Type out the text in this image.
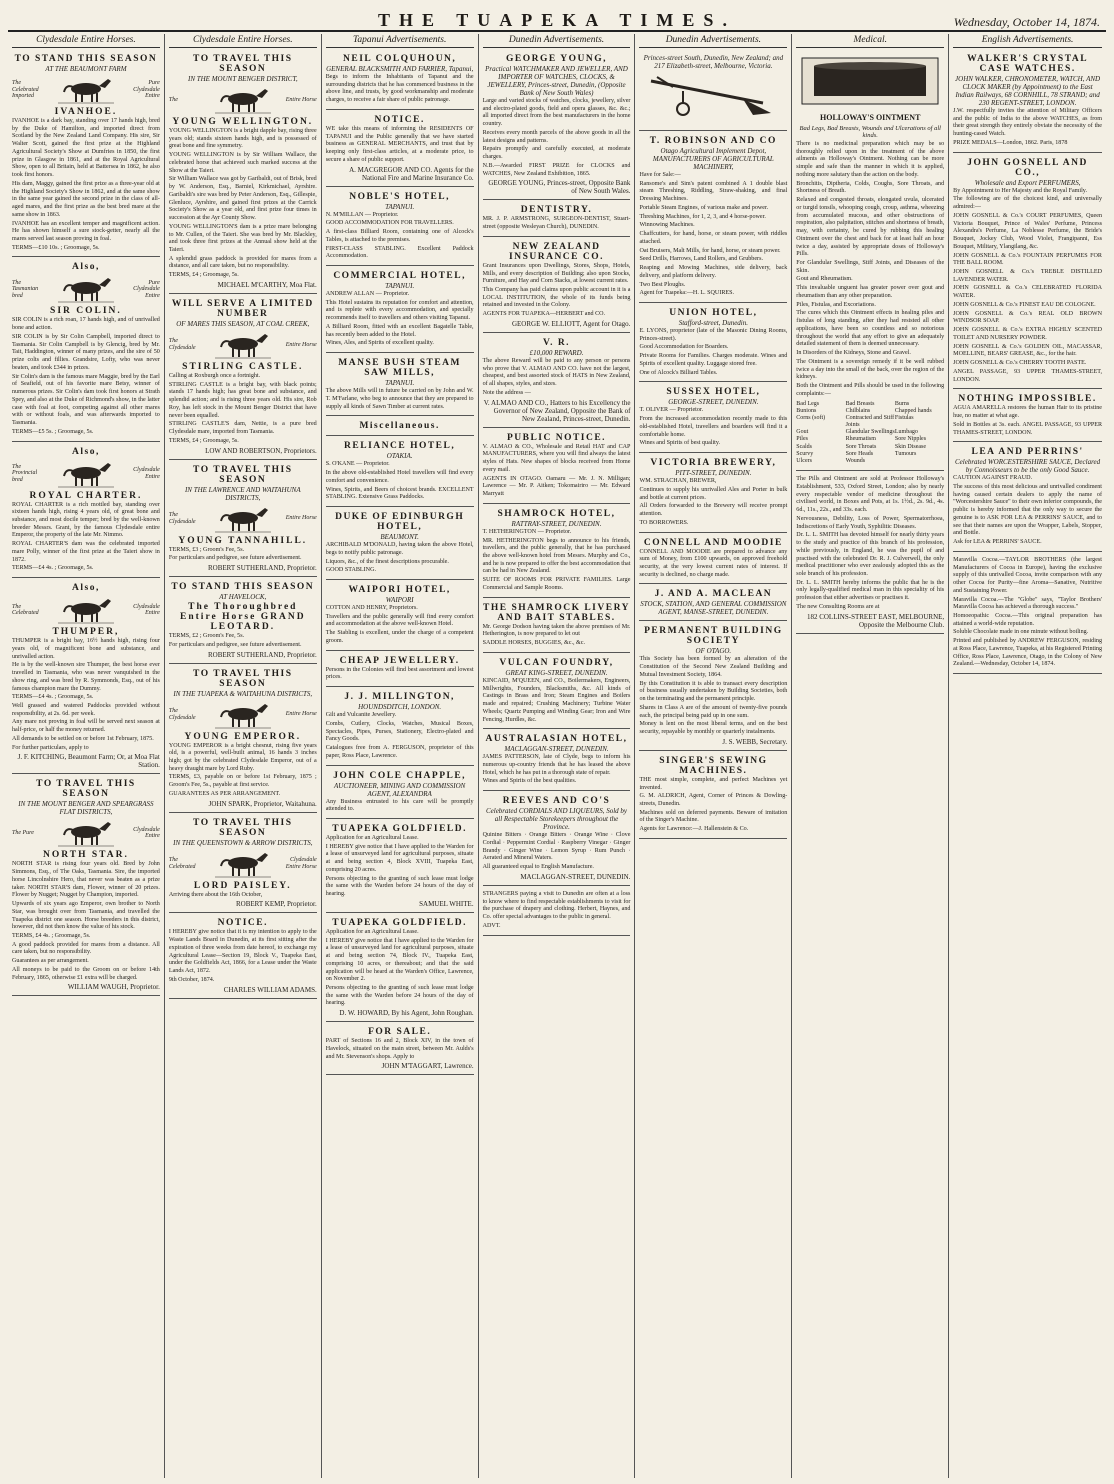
THE TUAPEKA TIMES.	Wednesday, October 14, 1874.
Clydesdale Entire Horses.
TO STAND THIS SEASON
AT THE BEAUMONT FARM
The Celebrated Imported
Pure Clydesdale Entire
IVANHOE.

IVANHOE is a dark bay, standing over 17 hands high, bred by the Duke of Hamilton, and imported direct from Scotland by the New Zealand Land Company. His sire, Sir Walter Scott, gained the first prize at the Highland Agricultural Society's Show at Dumfries in 1850, the first prize in Glasgow in 1861, and at the Royal Agricultural Show, open to all Britain, held at Battersea in 1862, he also took first honors.

His dam, Maggy, gained the first prize as a three-year old at the Highland Society's Show in 1862, and at the same show in the same year gained the second prize in the class of all-aged mares, and the first prize as the best bred mare at the same show in 1863.

IVANHOE has an excellent temper and magnificent action. He has shown himself a sure stock-getter, nearly all the mares served last season proving in foal.

TERMS—£10 10s. ; Groomage, 5s.

Also,
The Tasmanian bred
Pure Clydesdale Entire
SIR COLIN.

SIR COLIN is a rich roan, 17 hands high, and of unrivalled bone and action.

SIR COLIN is by Sir Colin Campbell, imported direct to Tasmania. Sir Colin Campbell is by Glencig, bred by Mr. Tait, Haddington, winner of many prizes, and the sire of 50 prize colts and fillies. Grandsire, Lofty, who was never beaten, and took £344 in prizes.

Sir Colin's dam is the famous mare Maggie, bred by the Earl of Seafield, out of his favorite mare Betsy, winner of numerous prizes. Sir Colin's dam took first honors at Strath Spey, and also at the Duke of Richmond's show, in the latter case with foal at foot, competing against all other mares with or without foals, and was afterwards imported to Tasmania.

TERMS—£5 5s. ; Groomage, 5s.

Also,
The Provincial bred
Clydesdale Entire
ROYAL CHARTER.

ROYAL CHARTER is a rich mottled bay, standing over sixteen hands high, rising 4 years old, of great bone and substance, and most docile temper; bred by the well-known breeder Messrs. Grant, by the famous Clydesdale entire Emperor, the property of the late Mr. Nimmo.

ROYAL CHARTER'S dam was the celebrated imported mare Polly, winner of the first prize at the Taieri show in 1872.

TERMS—£4 4s. ; Groomage, 5s.

Also,
The Celebrated
Clydesdale Entire
THUMPER,

THUMPER is a bright bay, 16½ hands high, rising four years old, of magnificent bone and substance, and unrivalled action.

He is by the well-known sire Thumper, the best horse ever travelled in Tasmania, who was never vanquished in the show ring, and was bred by R. Symmonds, Esq., out of his famous champion mare the Dummy.

TERMS—£4 4s. ; Groomage, 5s.

Well grassed and watered Paddocks provided without responsibility, at 2s. 6d. per week.

Any mare not proving in foal will be served next season at half-price, or half the money returned.

All demands to be settled on or before 1st February, 1875.

For further particulars, apply to

J. F. KITCHING, Beaumont Farm; Or, at Moa Flat Station.
TO TRAVEL THIS SEASON
IN THE MOUNT BENGER AND SPEARGRASS FLAT DISTRICTS,
The Pure
Clydesdale Entire
NORTH STAR.

NORTH STAR is rising four years old. Bred by John Simmons, Esq., of The Oaks, Tasmania. Sire, the imported horse Lincolnshire Hero, that never was beaten as a prize taker. NORTH STAR'S dam, Flower, winner of 20 prizes. Flower by Nugget; Nugget by Champion, imported.

Upwards of six years ago Emperor, own brother to North Star, was brought over from Tasmania, and travelled the Tuapeka district one season. Horse breeders in this district, however, did not then know the value of his stock.

TERMS, £4 4s. ; Groomage, 5s.

A good paddock provided for mares from a distance. All care taken, but no responsibility.

Guarantees as per arrangement.

All moneys to be paid to the Groom on or before 14th February, 1865, otherwise £1 extra will be charged.

WILLIAM WAUGH, Proprietor.
Clydesdale Entire Horses.
TO TRAVEL THIS SEASON
IN THE MOUNT BENGER DISTRICT,
The	Entire Horse
YOUNG WELLINGTON.

YOUNG WELLINGTON is a bright dapple bay, rising three years old; stands sixteen hands high, and is possessed of great bone and fine symmetry.

YOUNG WELLINGTON is by Sir William Wallace, the celebrated horse that achieved such marked success at the Show at the Taieri.

Sir William Wallace was got by Garibaldi, out of Brisk, bred by W. Anderson, Esq., Barniel, Kirkmichael, Ayrshire. Garibaldi's sire was bred by Peter Anderson, Esq., Gillespie, Glenluce, Ayrshire, and gained first prizes at the Carrick Society's Show as a year old, and first prize four times in succession at the Ayr County Show.

YOUNG WELLINGTON'S dam is a prize mare belonging to Mr. Cullen, of the Taieri. She was bred by Mr. Blackley, and took three first prizes at the Annual show held at the Taieri.

A splendid grass paddock is provided for mares from a distance, and all care taken, but no responsibility.

TERMS, £4 ; Groomage, 5s.

MICHAEL M'CARTHY, Moa Flat.
WILL SERVE A LIMITED NUMBER
OF MARES THIS SEASON, AT COAL CREEK,
The Clydesdale
Entire Horse
STIRLING CASTLE.

Calling at Roxburgh once a fortnight.

STIRLING CASTLE is a bright bay, with black points; stands 17 hands high; has great bone and substance, and splendid action; and is rising three years old. His sire, Rob Roy, has left stock in the Mount Benger District that have never been equalled.

STIRLING CASTLE'S dam, Nettie, is a pure bred Clydesdale mare, imported from Tasmania.

TERMS, £4 ; Groomage, 5s.

LOW AND ROBERTSON, Proprietors.
TO TRAVEL THIS SEASON
IN THE LAWRENCE AND WAITAHUNA DISTRICTS,
The Clydesdale
Entire Horse
YOUNG TANNAHILL.

TERMS, £3 ; Groom's Fee, 5s.

For particulars and pedigree, see future advertisement.

ROBERT SUTHERLAND, Proprietor.
TO STAND THIS SEASON
AT HAVELOCK,
The Thoroughbred Entire Horse GRAND LEOTARD.

TERMS, £2 ; Groom's Fee, 5s.

For particulars and pedigree, see future advertisement.

ROBERT SUTHERLAND, Proprietor.
TO TRAVEL THIS SEASON
IN THE TUAPEKA & WAITAHUNA DISTRICTS,
The Clydesdale
Entire Horse
YOUNG EMPEROR.

YOUNG EMPEROR is a bright chesnut, rising five years old, is a powerful, well-built animal, 16 hands 3 inches high; got by the celebrated Clydesdale Emperor, out of a heavy draught mare by Lord Ruby.

TERMS, £3, payable on or before 1st February, 1875 ; Groom's Fee, 5s., payable at first service.

GUARANTEES AS PER ARRANGEMENT.

JOHN SPARK, Proprietor, Waitahuna.
TO TRAVEL THIS SEASON
IN THE QUEENSTOWN & ARROW DISTRICTS,
The Celebrated
Clydesdale Entire Horse
LORD PAISLEY.

Arriving there about the 16th October,

ROBERT KEMP, Proprietor.
NOTICE.

I HEREBY give notice that it is my intention to apply to the Waste Lands Board in Dunedin, at its first sitting after the expiration of three weeks from date hereof, to exchange my Agricultural Lease—Section 19, Block V., Tuapeka East, under the Goldfields Act, 1866, for a Lease under the Waste Lands Act, 1872.

9th October, 1874.

CHARLES WILLIAM ADAMS.
Tapanui Advertisements.
NEIL COLQUHOUN,
GENERAL BLACKSMITH AND FARRIER, Tapanui,

Begs to inform the Inhabitants of Tapanui and the surrounding districts that he has commenced business in the above line, and trusts, by good workmanship and moderate charges, to receive a fair share of public patronage.

NOTICE.

WE take this means of informing the RESIDENTS OF TAPANUI and the Public generally that we have started business as GENERAL MERCHANTS, and trust that by keeping only first-class articles, at a moderate price, to secure a share of public support.

A. MACGREGOR AND CO. Agents for the National Fire and Marine Insurance Co.
NOBLE'S HOTEL,
TAPANUI.

N. M'MILLAN — Proprietor.

GOOD ACCOMMODATION FOR TRAVELLERS.

A first-class Billiard Room, containing one of Alcock's Tables, is attached to the premises.

FIRST-CLASS STABLING. Excellent Paddock Accommodation.

COMMERCIAL HOTEL,
TAPANUI.

ANDREW ALLAN — Proprietor.

This Hotel sustains its reputation for comfort and attention, and is replete with every accommodation, and specially recommends itself to travellers and others visiting Tapanui.

A Billiard Room, fitted with an excellent Bagatelle Table, has recently been added to the Hotel.

Wines, Ales, and Spirits of excellent quality.

MANSE BUSH STEAM SAW MILLS,
TAPANUI.

The above Mills will in future be carried on by John and W. T. M'Farlane, who beg to announce that they are prepared to supply all kinds of Sawn Timber at current rates.

Miscellaneous.
RELIANCE HOTEL,
OTAKIA.

S. O'KANE — Proprietor.

In the above old-established Hotel travellers will find every comfort and convenience.

Wines, Spirits, and Beers of choicest brands. EXCELLENT STABLING. Extensive Grass Paddocks.

DUKE OF EDINBURGH HOTEL,
BEAUMONT.

ARCHIBALD M'DONALD, having taken the above Hotel, begs to notify public patronage.

Liquors, &c., of the finest descriptions procurable.

GOOD STABLING.

WAIPORI HOTEL,
WAIPORI

COTTON AND HENRY, Proprietors.

Travellers and the public generally will find every comfort and accommodation at the above well-known Hotel.

The Stabling is excellent, under the charge of a competent groom.

CHEAP JEWELLERY.

Persons in the Colonies will find best assortment and lowest prices.

J. J. MILLINGTON,
HOUNDSDITCH, LONDON.

Gilt and Vulcanite Jewellery.

Combs, Cutlery, Clocks, Watches, Musical Boxes, Spectacles, Pipes, Purses, Stationery, Electro-plated and Fancy Goods.

Catalogues free from A. FERGUSON, proprietor of this paper, Ross Place, Lawrence.

JOHN COLE CHAPPLE,
AUCTIONEER, MINING AND COMMISSION AGENT, ALEXANDRA

Any Business entrusted to his care will be promptly attended to.

TUAPEKA GOLDFIELD.

Application for an Agricultural Lease.

I HEREBY give notice that I have applied to the Warden for a lease of unsurveyed land for agricultural purposes, situate at and being section 4, Block XVIII, Tuapeka East, comprising 20 acres.

Persons objecting to the granting of such lease must lodge the same with the Warden before 24 hours of the day of hearing.

SAMUEL WHITE.
TUAPEKA GOLDFIELD.

Application for an Agricultural Lease.

I HEREBY give notice that I have applied to the Warden for a lease of unsurveyed land for agricultural purposes, situate at and being section 74, Block IV., Tuapeka East, comprising 10 acres, or thereabout; and that the said application will be heard at the Warden's Office, Lawrence, on November 2.

Persons objecting to the granting of such lease must lodge the same with the Warden before 24 hours of the day of hearing.

D. W. HOWARD, By his Agent, John Roughan.
FOR SALE.

PART of Sections 16 and 2, Block XIV, in the town of Havelock, situated on the main street, between Mr. Aulds's and Mr. Stevenson's shops. Apply to

JOHN M'TAGGART, Lawrence.
Dunedin Advertisements.
GEORGE YOUNG,
Practical WATCHMAKER AND JEWELLER, AND IMPORTER OF WATCHES, CLOCKS, & JEWELLERY, Princes-street, Dunedin, (Opposite Bank of New South Wales)

Large and varied stocks of watches, clocks, jewellery, silver and electro-plated goods, field and opera glasses, &c. &c.; all imported direct from the best manufacturers in the home country.

Receives every month parcels of the above goods in all the latest designs and patterns.

Repairs promptly and carefully executed, at moderate charges.

N.B.—Awarded FIRST PRIZE for CLOCKS and WATCHES, New Zealand Exhibition, 1865.

GEORGE YOUNG, Princes-street, Opposite Bank of New South Wales.
DENTISTRY.

MR. J. P. ARMSTRONG, SURGEON-DENTIST, Stuart-street (opposite Wesleyan Church), DUNEDIN.

NEW ZEALAND INSURANCE CO.

Grant Insurances upon Dwellings, Stores, Shops, Hotels, Mills, and every description of Building; also upon Stocks, Furniture, and Hay and Corn Stacks, at lowest current rates.

This Company has paid claims upon public account in it is a LOCAL INSTITUTION, the whole of its funds being retained and invested in the Colony.

AGENTS FOR TUAPEKA—HERBERT and CO.

GEORGE W. ELLIOTT, Agent for Otago.
V. R.
£10,000 REWARD.

The above Reward will be paid to any person or persons who prove that V. ALMAO AND CO. have not the largest, cheapest, and best assorted stock of HATS in New Zealand, of all shapes, styles, and sizes.

Note the address —

V. ALMAO AND CO., Hatters to his Excellency the Governor of New Zealand, Opposite the Bank of New Zealand, Princes-street, Dunedin.
PUBLIC NOTICE.

V. ALMAO & CO., Wholesale and Retail HAT and CAP MANUFACTURERS, where you will find always the latest styles of Hats. New shapes of blocks received from Home every mail.

AGENTS IN OTAGO. Oamaru — Mr. J. N. Milligan; Lawrence — Mr. P. Aitken; Tokomairiro — Mr. Edward Marryatt

SHAMROCK HOTEL,
RATTRAY-STREET, DUNEDIN.

T. HETHERINGTON — Proprietor.

MR. HETHERINGTON begs to announce to his friends, travellers, and the public generally, that he has purchased the above well-known hotel from Messrs. Murphy and Co., and he is now prepared to offer the best accommodation that can be had in New Zealand.

SUITE OF ROOMS FOR PRIVATE FAMILIES. Large Commercial and Sample Rooms.

THE SHAMROCK LIVERY AND BAIT STABLES.

Mr. George Dodson having taken the above premises of Mr. Hetherington, is now prepared to let out

SADDLE HORSES, BUGGIES, &c., &c.

VULCAN FOUNDRY,
GREAT KING-STREET, DUNEDIN.

KINCAID, M'QUEEN, and CO., Boilermakers, Engineers, Millwrights, Founders, Blacksmiths, &c. All kinds of Castings in Brass and Iron; Steam Engines and Boilers made and repaired; Crushing Machinery; Turbine Water Wheels; Quartz Pumping and Winding Gear; Iron and Wire Fencing, Hurdles, &c.

AUSTRALASIAN HOTEL,
MACLAGGAN-STREET, DUNEDIN.

JAMES PATTERSON, late of Clyde, begs to inform his numerous up-country friends that he has leased the above Hotel, which he has put in a thorough state of repair.

Wines and Spirits of the best qualities.

REEVES AND CO'S
Celebrated CORDIALS AND LIQUEURS, Sold by all Respectable Storekeepers throughout the Province.

Quinine Bitters · Orange Bitters · Orange Wine · Clove Cordial · Peppermint Cordial · Raspberry Vinegar · Ginger Brandy · Ginger Wine · Lemon Syrup · Rum Punch · Aerated and Mineral Waters.

All guaranteed equal to English Manufacture.

MACLAGGAN-STREET, DUNEDIN.

STRANGERS paying a visit to Dunedin are often at a loss to know where to find respectable establishments to visit for the purchase of drapery and clothing. Herbert, Haynes, and Co. offer special advantages to the public in general.

ADVT.

Dunedin Advertisements.
Princes-street South, Dunedin, New Zealand; and 217 Elizabeth-street, Melbourne, Victoria.
T. ROBINSON AND CO
Otago Agricultural Implement Depot, MANUFACTURERS OF AGRICULTURAL MACHINERY,

Have for Sale:—

Ransome's and Sim's patent combined A 1 double blast steam Threshing, Riddling, Straw-shaking, and final Dressing Machines.

Portable Steam Engines, of various make and power.

Threshing Machines, for 1, 2, 3, and 4 horse-power.

Winnowing Machines.

Chaffcutters, for hand, horse, or steam power, with riddles attached.

Oat Bruisers, Malt Mills, for hand, horse, or steam power.

Seed Drills, Harrows, Land Rollers, and Grubbers.

Reaping and Mowing Machines, side delivery, back delivery, and platform delivery.

Two Best Ploughs.

Agent for Tuapeka:—H. L. SQUIRES.

UNION HOTEL,
Stafford-street, Dunedin.

E. LYONS, proprietor (late of the Masonic Dining Rooms, Princes-street).

Good Accommodation for Boarders.

Private Rooms for Families. Charges moderate. Wines and Spirits of excellent quality. Luggage stored free.

One of Alcock's Billiard Tables.

SUSSEX HOTEL,
GEORGE-STREET, DUNEDIN.

T. OLIVER — Proprietor.

From the increased accommodation recently made to this old-established Hotel, travellers and boarders will find it a comfortable home.

Wines and Spirits of best quality.

VICTORIA BREWERY,
PITT-STREET, DUNEDIN.

WM. STRACHAN, BREWER,

Continues to supply his unrivalled Ales and Porter in bulk and bottle at current prices.

All Orders forwarded to the Brewery will receive prompt attention.

TO BORROWERS.

CONNELL AND MOODIE

CONNELL AND MOODIE are prepared to advance any sum of Money, from £100 upwards, on approved freehold security, at the very lowest current rates of interest. If security is declined, no charge made.

J. AND A. MACLEAN
STOCK, STATION, AND GENERAL COMMISSION AGENT, MANSE-STREET, DUNEDIN.
PERMANENT BUILDING SOCIETY
OF OTAGO.

This Society has been formed by an alteration of the Constitution of the Second New Zealand Building and Mutual Investment Society, 1864.

By this Constitution it is able to transact every description of business usually undertaken by Building Societies, both on the terminating and the permanent principle.

Shares in Class A are of the amount of twenty-five pounds each, the principal being paid up in one sum.

Money is lent on the most liberal terms, and on the best security, repayable by monthly or quarterly instalments.

J. S. WEBB, Secretary.
SINGER'S SEWING MACHINES.

THE most simple, complete, and perfect Machines yet invented.

G. M. ALDRICH, Agent, Corner of Princes & Dowling-streets, Dunedin.

Machines sold on deferred payments. Beware of imitation of the Singer's Machine.

Agents for Lawrence:—J. Hallenstein & Co.

Medical.
HOLLOWAY'S OINTMENT
Bad Legs, Bad Breasts, Wounds and Ulcerations of all kinds.

There is no medicinal preparation which may be so thoroughly relied upon in the treatment of the above ailments as Holloway's Ointment. Nothing can be more simple and safe than the manner in which it is applied, nothing more salutary than the action on the body.

Bronchitis, Diptheria, Colds, Coughs, Sore Throats, and Shortness of Breath.

Relaxed and congested throats, elongated uvula, ulcerated or turgid tonsils, whooping cough, croup, asthma, wheezing from accumulated mucous, and other obstructions of respiration, also palpitation, stitches and shortness of breath, may, with certainty, be cured by rubbing this healing Ointment over the chest and back for at least half an hour twice a day, assisted by appropriate doses of Holloway's Pills.

For Glandular Swellings, Stiff Joints, and Diseases of the Skin.

Gout and Rheumatism.

This invaluable unguent has greater power over gout and rheumatism than any other preparation.

Piles, Fistulas, and Excoriations.

The cures which this Ointment effects in healing piles and fistulas of long standing, after they had resisted all other applications, have been so countless and so notorious throughout the world that any effort to give an adequately detailed statement of them is deemed unnecessary.

In Disorders of the Kidneys, Stone and Gravel.

The Ointment is a sovereign remedy if it be well rubbed twice a day into the small of the back, over the region of the kidneys.

Both the Ointment and Pills should be used in the following complaints:—

Bad Legs	Bad Breasts	Burns
Bunions	Chilblains	Chapped hands
Corns (soft)	Contracted and Stiff Joints
Fistulas
Gout	Glandular Swellings Lumbago
Piles	Rheumatism	Sore Nipples
Scalds	Sore Throats	Skin Disease
Scurvy	Sore Heads	Tumours
Ulcers	Wounds

The Pills and Ointment are sold at Professor Holloway's Establishment, 533, Oxford Street, London; also by nearly every respectable vendor of medicine throughout the civilised world, in Boxes and Pots, at 1s. 1½d., 2s. 9d., 4s. 6d., 11s., 22s., and 33s. each.

Nervousness, Debility, Loss of Power, Spermatorrhoea, Indiscretions of Early Youth, Syphilitic Diseases.

Dr. L. L. SMITH has devoted himself for nearly thirty years to the study and practice of this branch of his profession, while previously, in England, he was the pupil of and practised with the celebrated Dr. R. J. Culverwell, the only medical practitioner who ever zealously adopted this as the sole branch of his profession.

Dr. L. L. SMITH hereby informs the public that he is the only legally-qualified medical man in this speciality of his profession that either advertises or practises it.

The new Consulting Rooms are at

182 COLLINS-STREET EAST, MELBOURNE, Opposite the Melbourne Club.
English Advertisements.
WALKER'S CRYSTAL CASE WATCHES.
JOHN WALKER, CHRONOMETER, WATCH, AND CLOCK MAKER (by Appointment) to the East Indian Railways, 68 CORNHILL, 78 STRAND; and 230 REGENT-STREET, LONDON.

J.W. respectfully invites the attention of Military Officers and the public of India to the above WATCHES, as from their great strength they entirely obviate the necessity of the hunting-cased Watch.

PRIZE MEDALS—London, 1862. Paris, 1878

JOHN GOSNELL AND CO.,
Wholesale and Export PERFUMERS,

By Appointment to Her Majesty and the Royal Family.

The following are of the choicest kind, and universally admired:—

JOHN GOSNELL & Co.'s COURT PERFUMES, Queen Victoria Bouquet, Prince of Wales' Perfume, Princess Alexandra's Perfume, La Noblesse Perfume, the Bride's Bouquet, Jockey Club, Wood Violet, Frangipanni, Ess Bouquet, Military, Ylangilang, &c.

JOHN GOSNELL & Co.'s FOUNTAIN PERFUMES FOR THE BALL ROOM.

JOHN GOSNELL & Co.'s TREBLE DISTILLED LAVENDER WATER.

JOHN GOSNELL & Co.'s CELEBRATED FLORIDA WATER.

JOHN GOSNELL & Co.'s FINEST EAU DE COLOGNE.

JOHN GOSNELL & Co.'s REAL OLD BROWN WINDSOR SOAP.

JOHN GOSNELL & Co.'s EXTRA HIGHLY SCENTED TOILET AND NURSERY POWDER.

JOHN GOSNELL & Co.'s GOLDEN OIL, MACASSAR, MOELLINE, BEARS' GREASE, &c., for the hair.

JOHN GOSNELL & Co.'s CHERRY TOOTH PASTE.

ANGEL PASSAGE, 93 UPPER THAMES-STREET, LONDON.

NOTHING IMPOSSIBLE.

AGUA AMARELLA restores the human Hair to its pristine hue, no matter at what age.

Sold in Bottles at 3s. each. ANGEL PASSAGE, 93 UPPER THAMES-STREET, LONDON.

LEA AND PERRINS'
Celebrated WORCESTERSHIRE SAUCE, Declared by Connoisseurs to be the only Good Sauce.

CAUTION AGAINST FRAUD.

The success of this most delicious and unrivalled condiment having caused certain dealers to apply the name of "Worcestershire Sauce" to their own inferior compounds, the public is hereby informed that the only way to secure the genuine is to ASK FOR LEA & PERRINS' SAUCE, and to see that their names are upon the Wrapper, Labels, Stopper, and Bottle.

Ask for LEA & PERRINS' SAUCE.

Maravilla Cocoa.—TAYLOR BROTHERS (the largest Manufacturers of Cocoa in Europe), having the exclusive supply of this unrivalled Cocoa, invite comparison with any other Cocoa for Purity—fine Aroma—Sanative, Nutritive and Sustaining Power.

Maravilla Cocoa.—The "Globe" says, "Taylor Brothers' Maravilla Cocoa has achieved a thorough success."

Homoeopathic Cocoa.—This original preparation has attained a world-wide reputation.

Soluble Chocolate made in one minute without boiling.

Printed and published by ANDREW FERGUSON, residing at Ross Place, Lawrence, Tuapeka, at his Registered Printing Office, Ross Place, Lawrence, Otago, in the Colony of New Zealand.—Wednesday, October 14, 1874.
